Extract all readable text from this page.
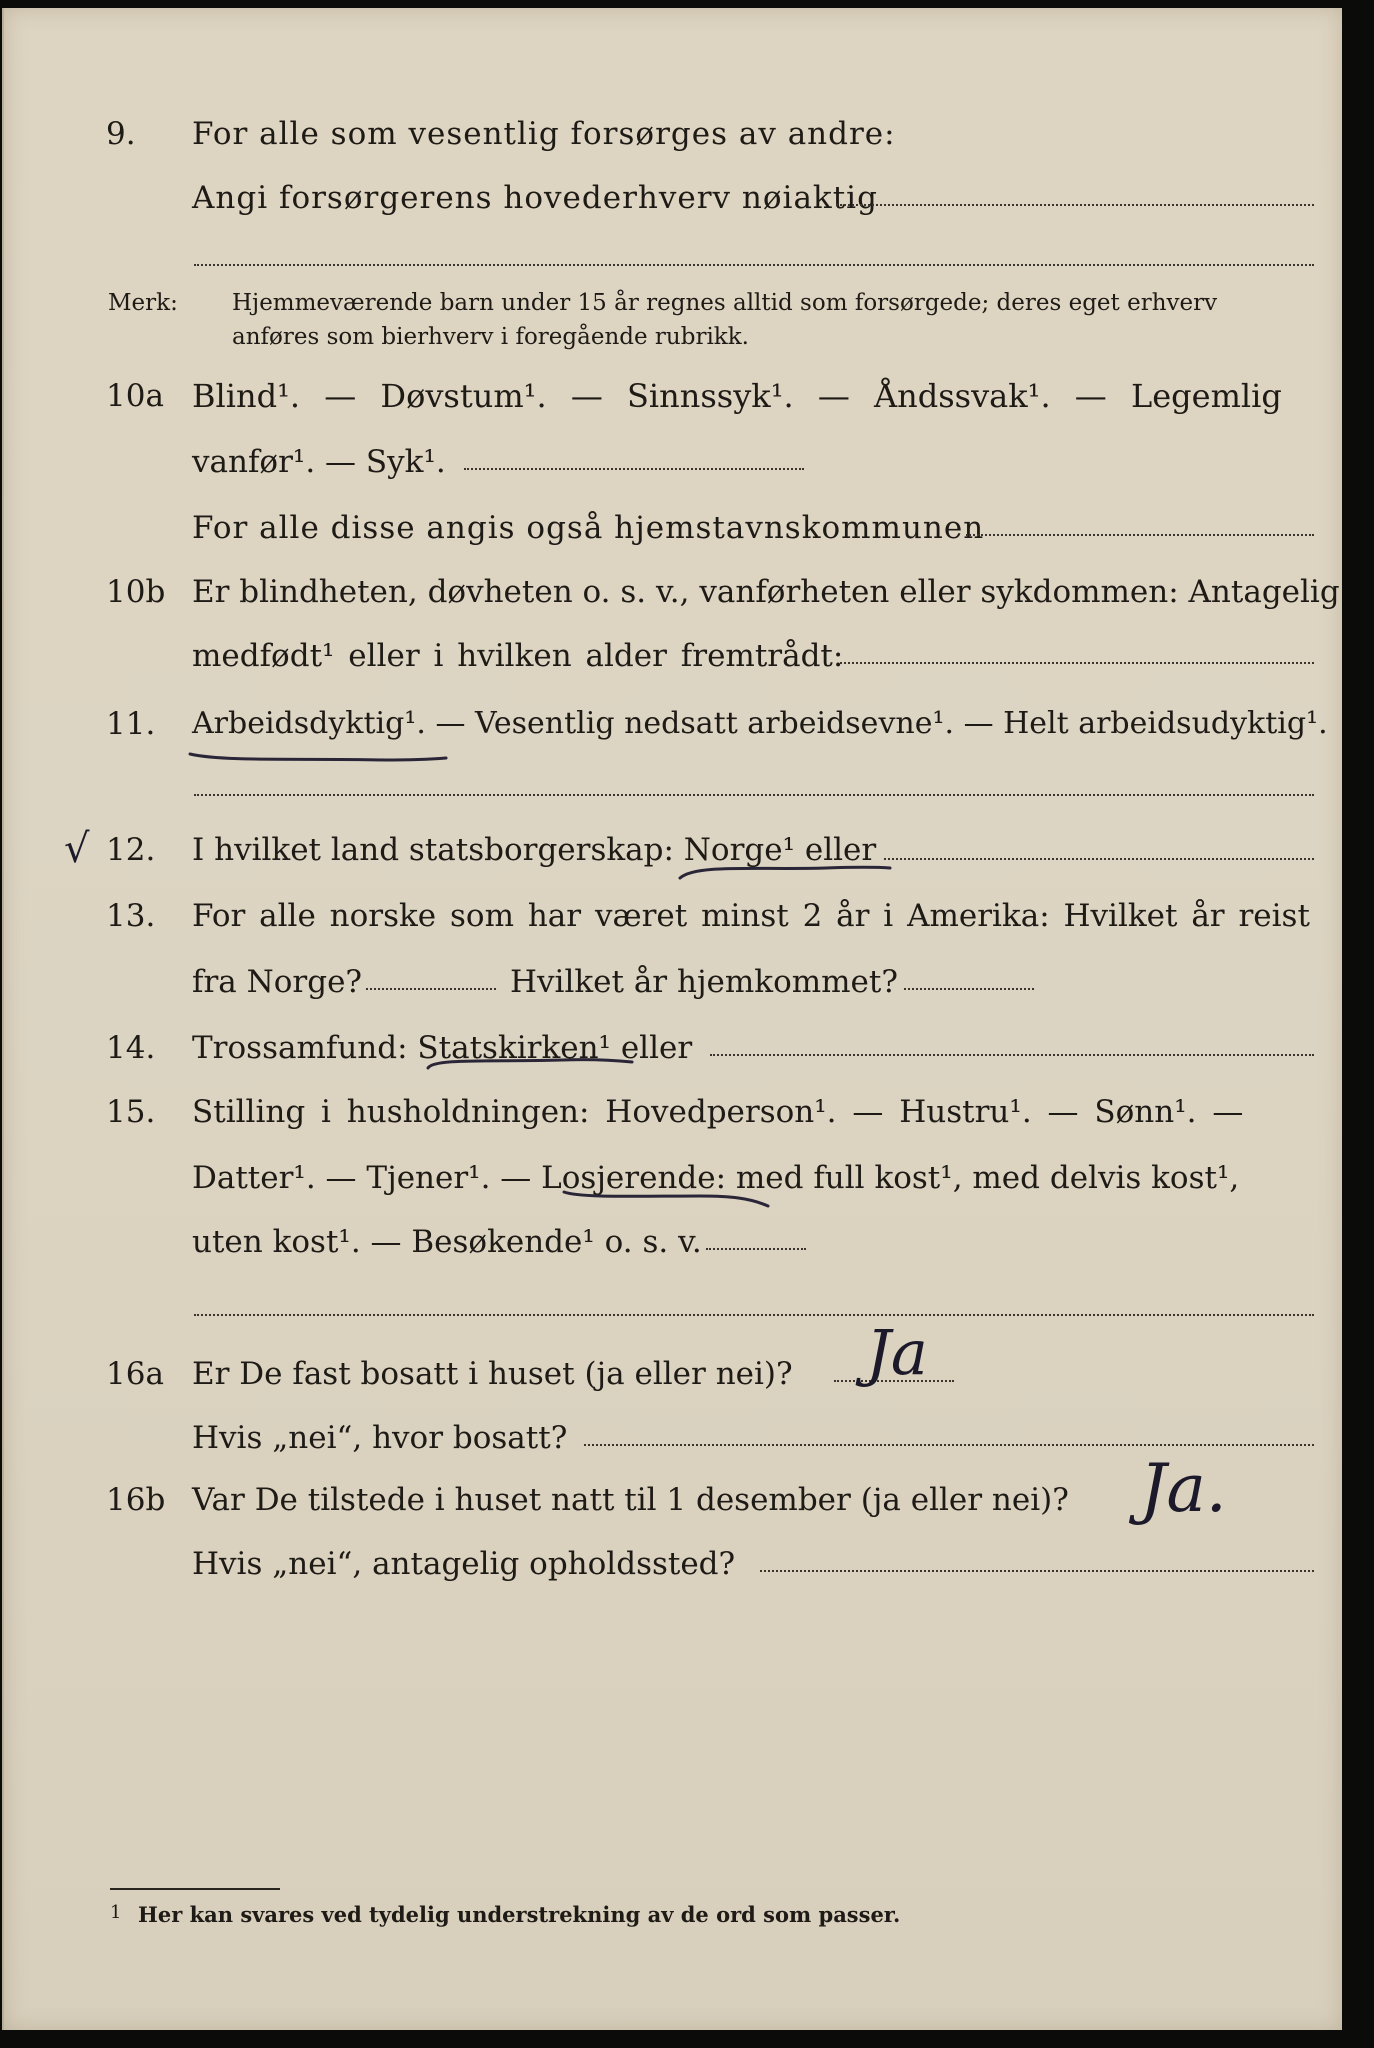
9. For alle som vesentlig forsørges av andre:
Angi forsørgerens hovederhverv nøiaktig
Merk: Hjemmeværende barn under 15 år regnes alltid som forsørgede; deres eget erhverv
anføres som bierhverv i foregående rubrikk.
10a Blind¹. — Døvstum¹. — Sinnssyk¹. — Åndssvak¹. — Legemlig
vanfør¹. — Syk¹.
For alle disse angis også hjemstavnskommunen
10b Er blindheten, døvheten o. s. v., vanførheten eller sykdommen: Antagelig
medfødt¹ eller i hvilken alder fremtrådt:
11. Arbeidsdyktig¹. — Vesentlig nedsatt arbeidsevne¹. — Helt arbeidsudyktig¹.
√ 12. I hvilket land statsborgerskap: Norge¹ eller
13. For alle norske som har været minst 2 år i Amerika: Hvilket år reist
fra Norge?	Hvilket år hjemkommet?
14. Trossamfund: Statskirken¹ eller
15. Stilling i husholdningen: Hovedperson¹. — Hustru¹. — Sønn¹. —
Datter¹. — Tjener¹. — Losjerende: med full kost¹, med delvis kost¹,
uten kost¹. — Besøkende¹ o. s. v.
16a Er De fast bosatt i huset (ja eller nei)? Ja
Hvis „nei“, hvor bosatt?
16b Var De tilstede i huset natt til 1 desember (ja eller nei)? Ja.
Hvis „nei“, antagelig opholdssted?
1 Her kan svares ved tydelig understrekning av de ord som passer.
